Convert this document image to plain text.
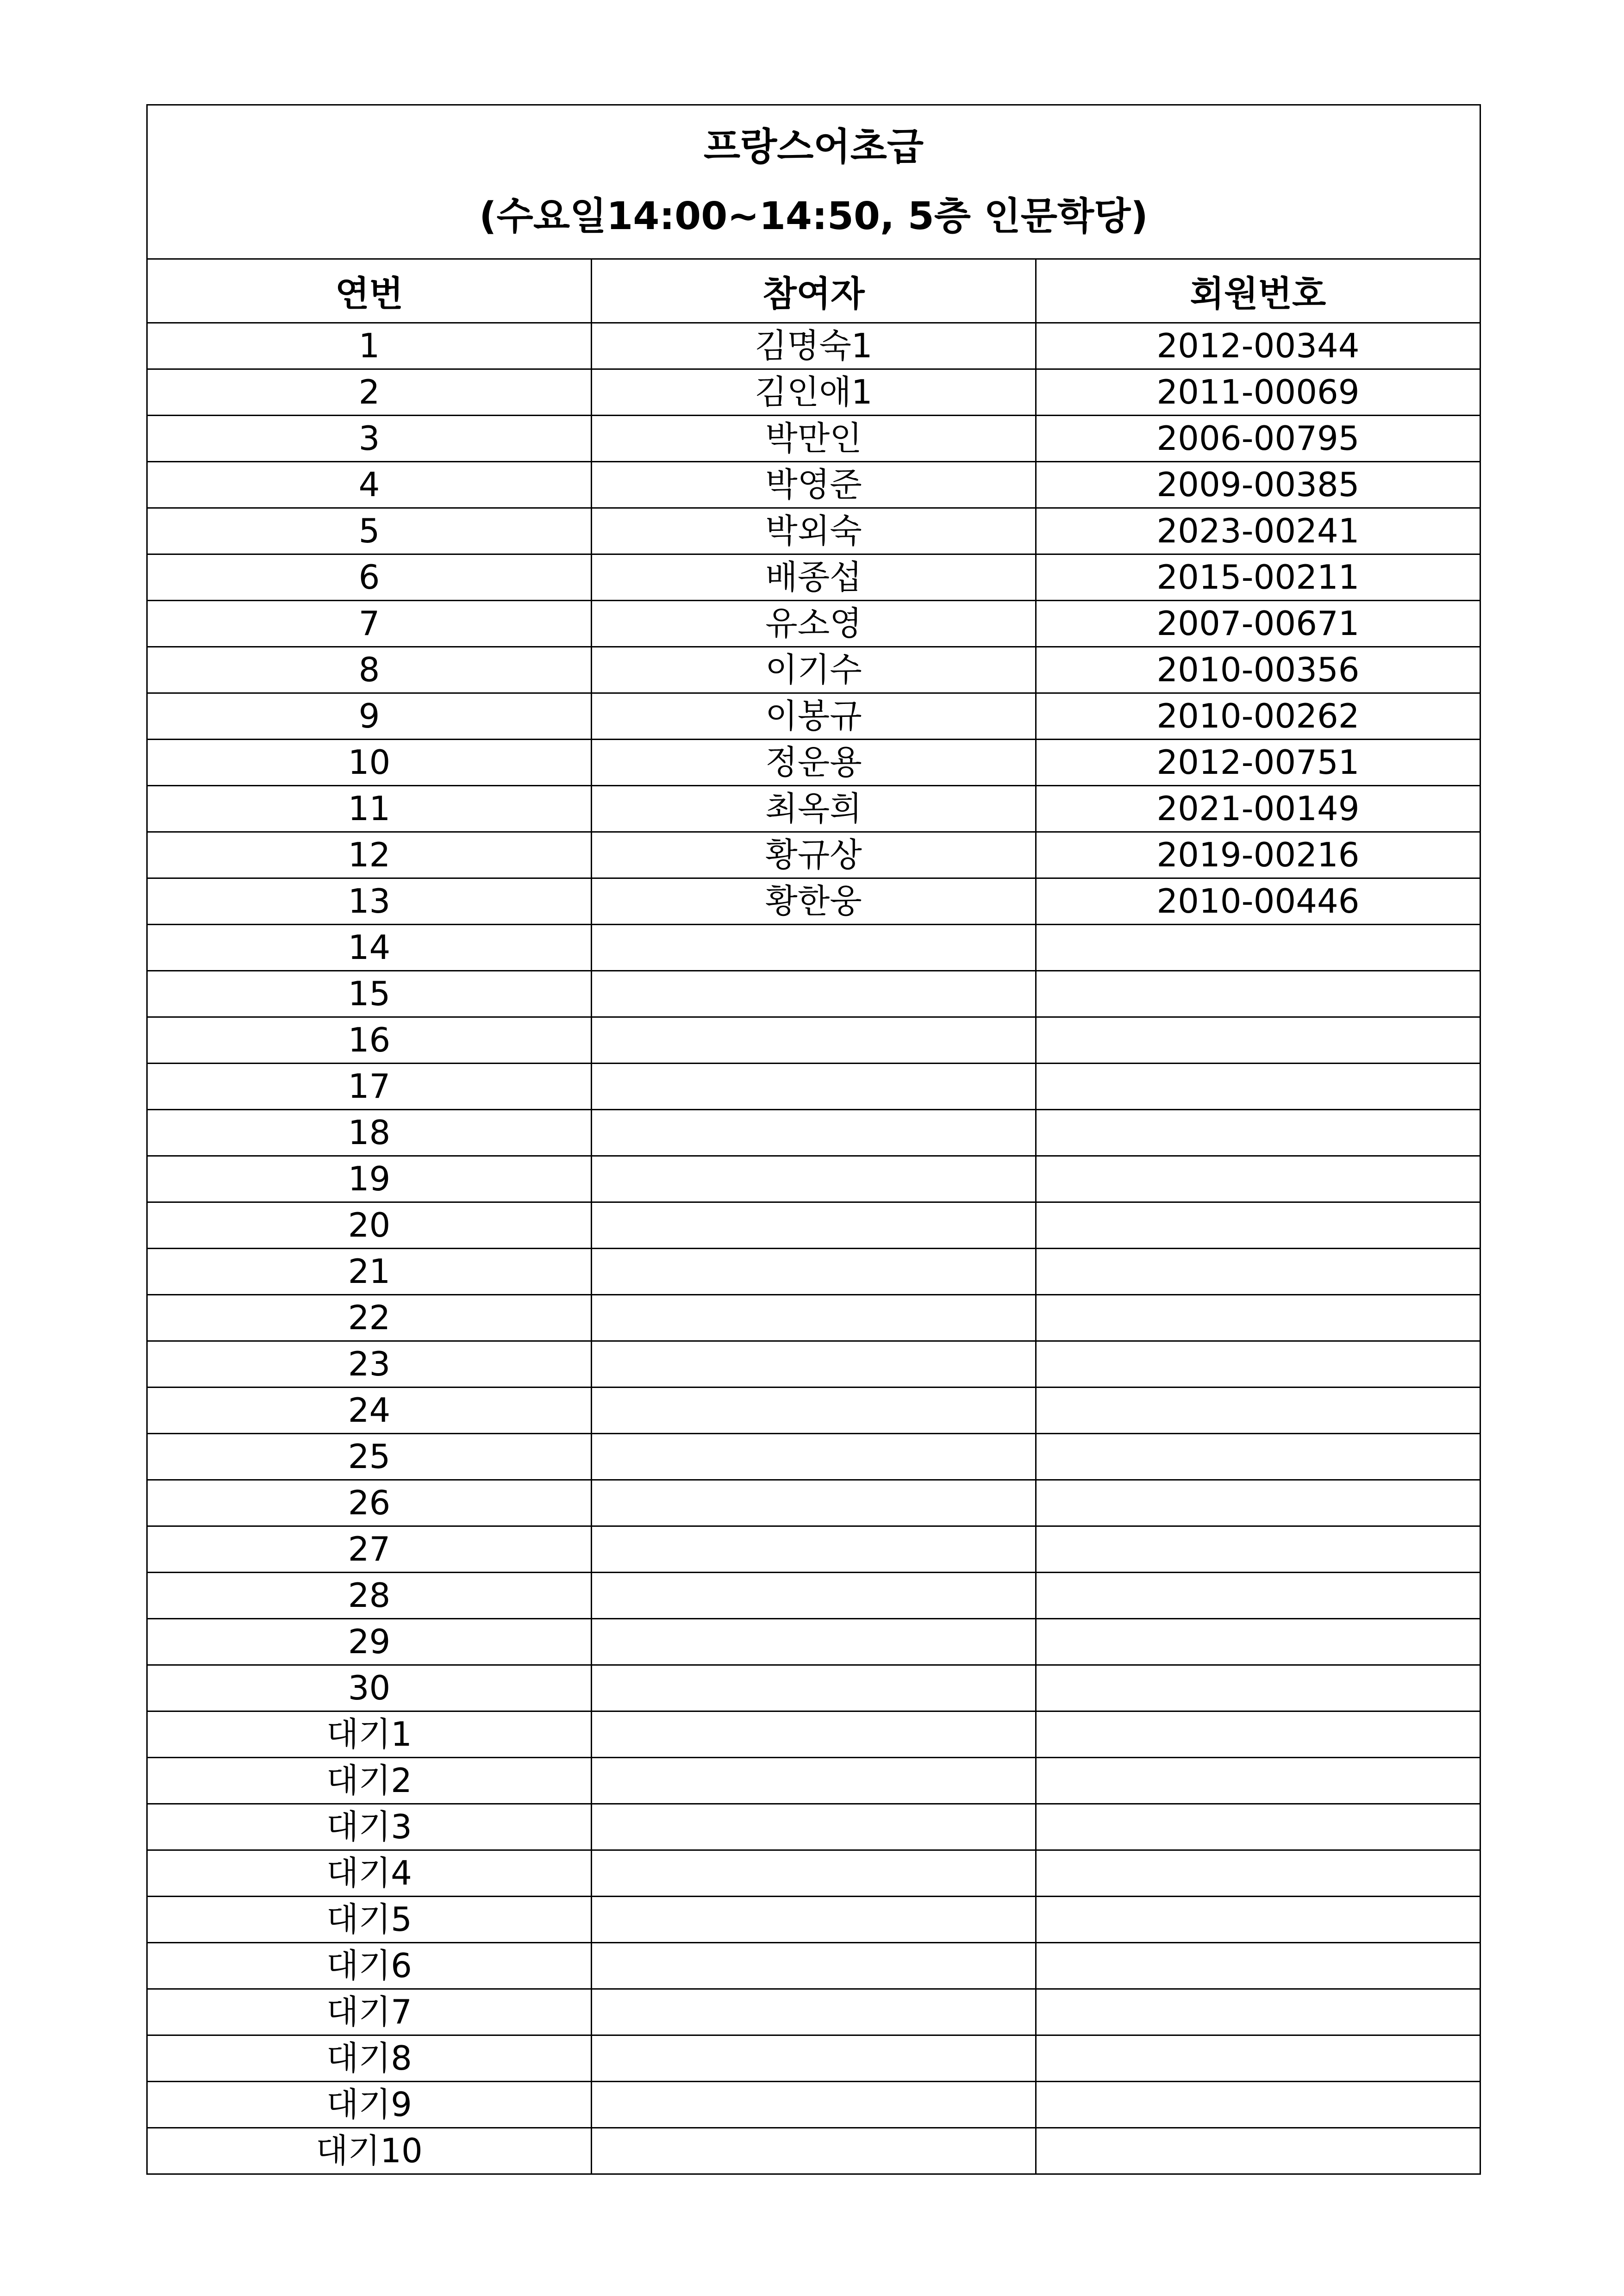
프랑스어초급
(수요일14:00~14:50, 5층 인문학당)		

연번	참여자	회원번호
1	김명숙1	2012-00344
2	김인애1	2011-00069
3	박만인	2006-00795
4	박영준	2009-00385
5	박외숙	2023-00241
6	배종섭	2015-00211
7	유소영	2007-00671
8	이기수	2010-00356
9	이봉규	2010-00262
10	정운용	2012-00751
11	최옥희	2021-00149
12	황규상	2019-00216
13	황한웅	2010-00446
14		
15		
16		
17		
18		
19		
20		
21		
22		
23		
24		
25		
26		
27		
28		
29		
30		
대기1		
대기2		
대기3		
대기4		
대기5		
대기6		
대기7		
대기8		
대기9		
대기10		
